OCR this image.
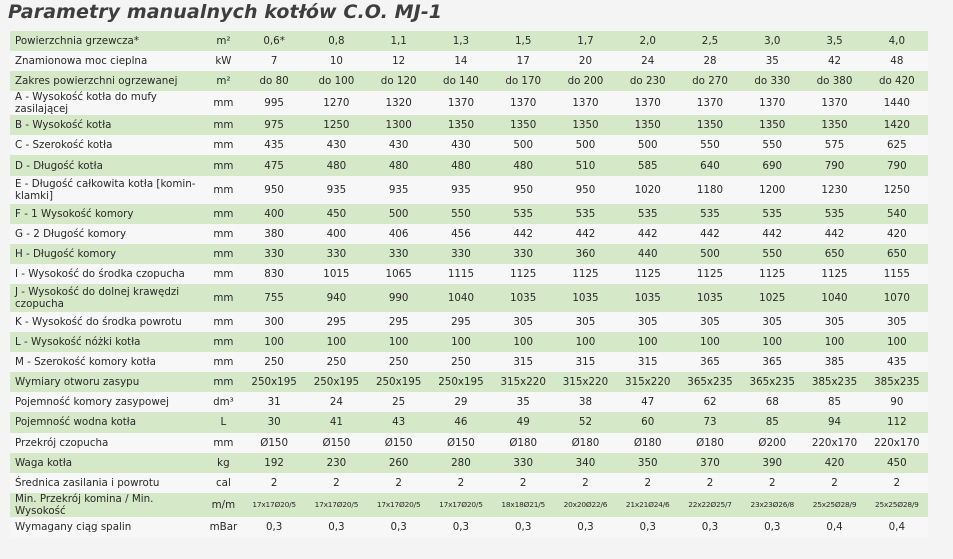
Parametry manualnych kotłów C.O. MJ-1
Powierzchnia grzewcza*	m²	0,6*	0,8	1,1	1,3	1,5	1,7	2,0	2,5	3,0	3,5	4,0
Znamionowa moc cieplna	kW	7	10	12	14	17	20	24	28	35	42	48
Zakres powierzchni ogrzewanej	m²	do 80	do 100	do 120	do 140	do 170	do 200	do 230	do 270	do 330	do 380	do 420
A - Wysokość kotła do mufy zasilającej	mm	995	1270	1320	1370	1370	1370	1370	1370	1370	1370	1440
B - Wysokość kotła	mm	975	1250	1300	1350	1350	1350	1350	1350	1350	1350	1420
C - Szerokość kotła	mm	435	430	430	430	500	500	500	550	550	575	625
D - Długość kotła	mm	475	480	480	480	480	510	585	640	690	790	790
E - Długość całkowita kotła [komin-klamki]	mm	950	935	935	935	950	950	1020	1180	1200	1230	1250
F - 1 Wysokość komory	mm	400	450	500	550	535	535	535	535	535	535	540
G - 2 Długość komory	mm	380	400	406	456	442	442	442	442	442	442	420
H - Długość komory	mm	330	330	330	330	330	360	440	500	550	650	650
I - Wysokość do środka czopucha	mm	830	1015	1065	1115	1125	1125	1125	1125	1125	1125	1155
J - Wysokość do dolnej krawędzi czopucha	mm	755	940	990	1040	1035	1035	1035	1035	1025	1040	1070
K - Wysokość do środka powrotu	mm	300	295	295	295	305	305	305	305	305	305	305
L - Wysokość nóżki kotła	mm	100	100	100	100	100	100	100	100	100	100	100
M - Szerokość komory kotła	mm	250	250	250	250	315	315	315	365	365	385	435
Wymiary otworu zasypu	mm	250x195	250x195	250x195	250x195	315x220	315x220	315x220	365x235	365x235	385x235	385x235
Pojemność komory zasypowej	dm³	31	24	25	29	35	38	47	62	68	85	90
Pojemność wodna kotła	L	30	41	43	46	49	52	60	73	85	94	112
Przekrój czopucha	mm	Ø150	Ø150	Ø150	Ø150	Ø180	Ø180	Ø180	Ø180	Ø200	220x170	220x170
Waga kotła	kg	192	230	260	280	330	340	350	370	390	420	450
Średnica zasilania i powrotu	cal	2	2	2	2	2	2	2	2	2	2	2
Min. Przekrój komina / Min. Wysokość	m/m	17x17Ø20/5	17x17Ø20/5	17x17Ø20/5	17x17Ø20/5	18x18Ø21/5	20x20Ø22/6	21x21Ø24/6	22x22Ø25/7	23x23Ø26/8	25x25Ø28/9	25x25Ø28/9
Wymagany ciąg spalin	mBar	0,3	0,3	0,3	0,3	0,3	0,3	0,3	0,3	0,3	0,4	0,4
